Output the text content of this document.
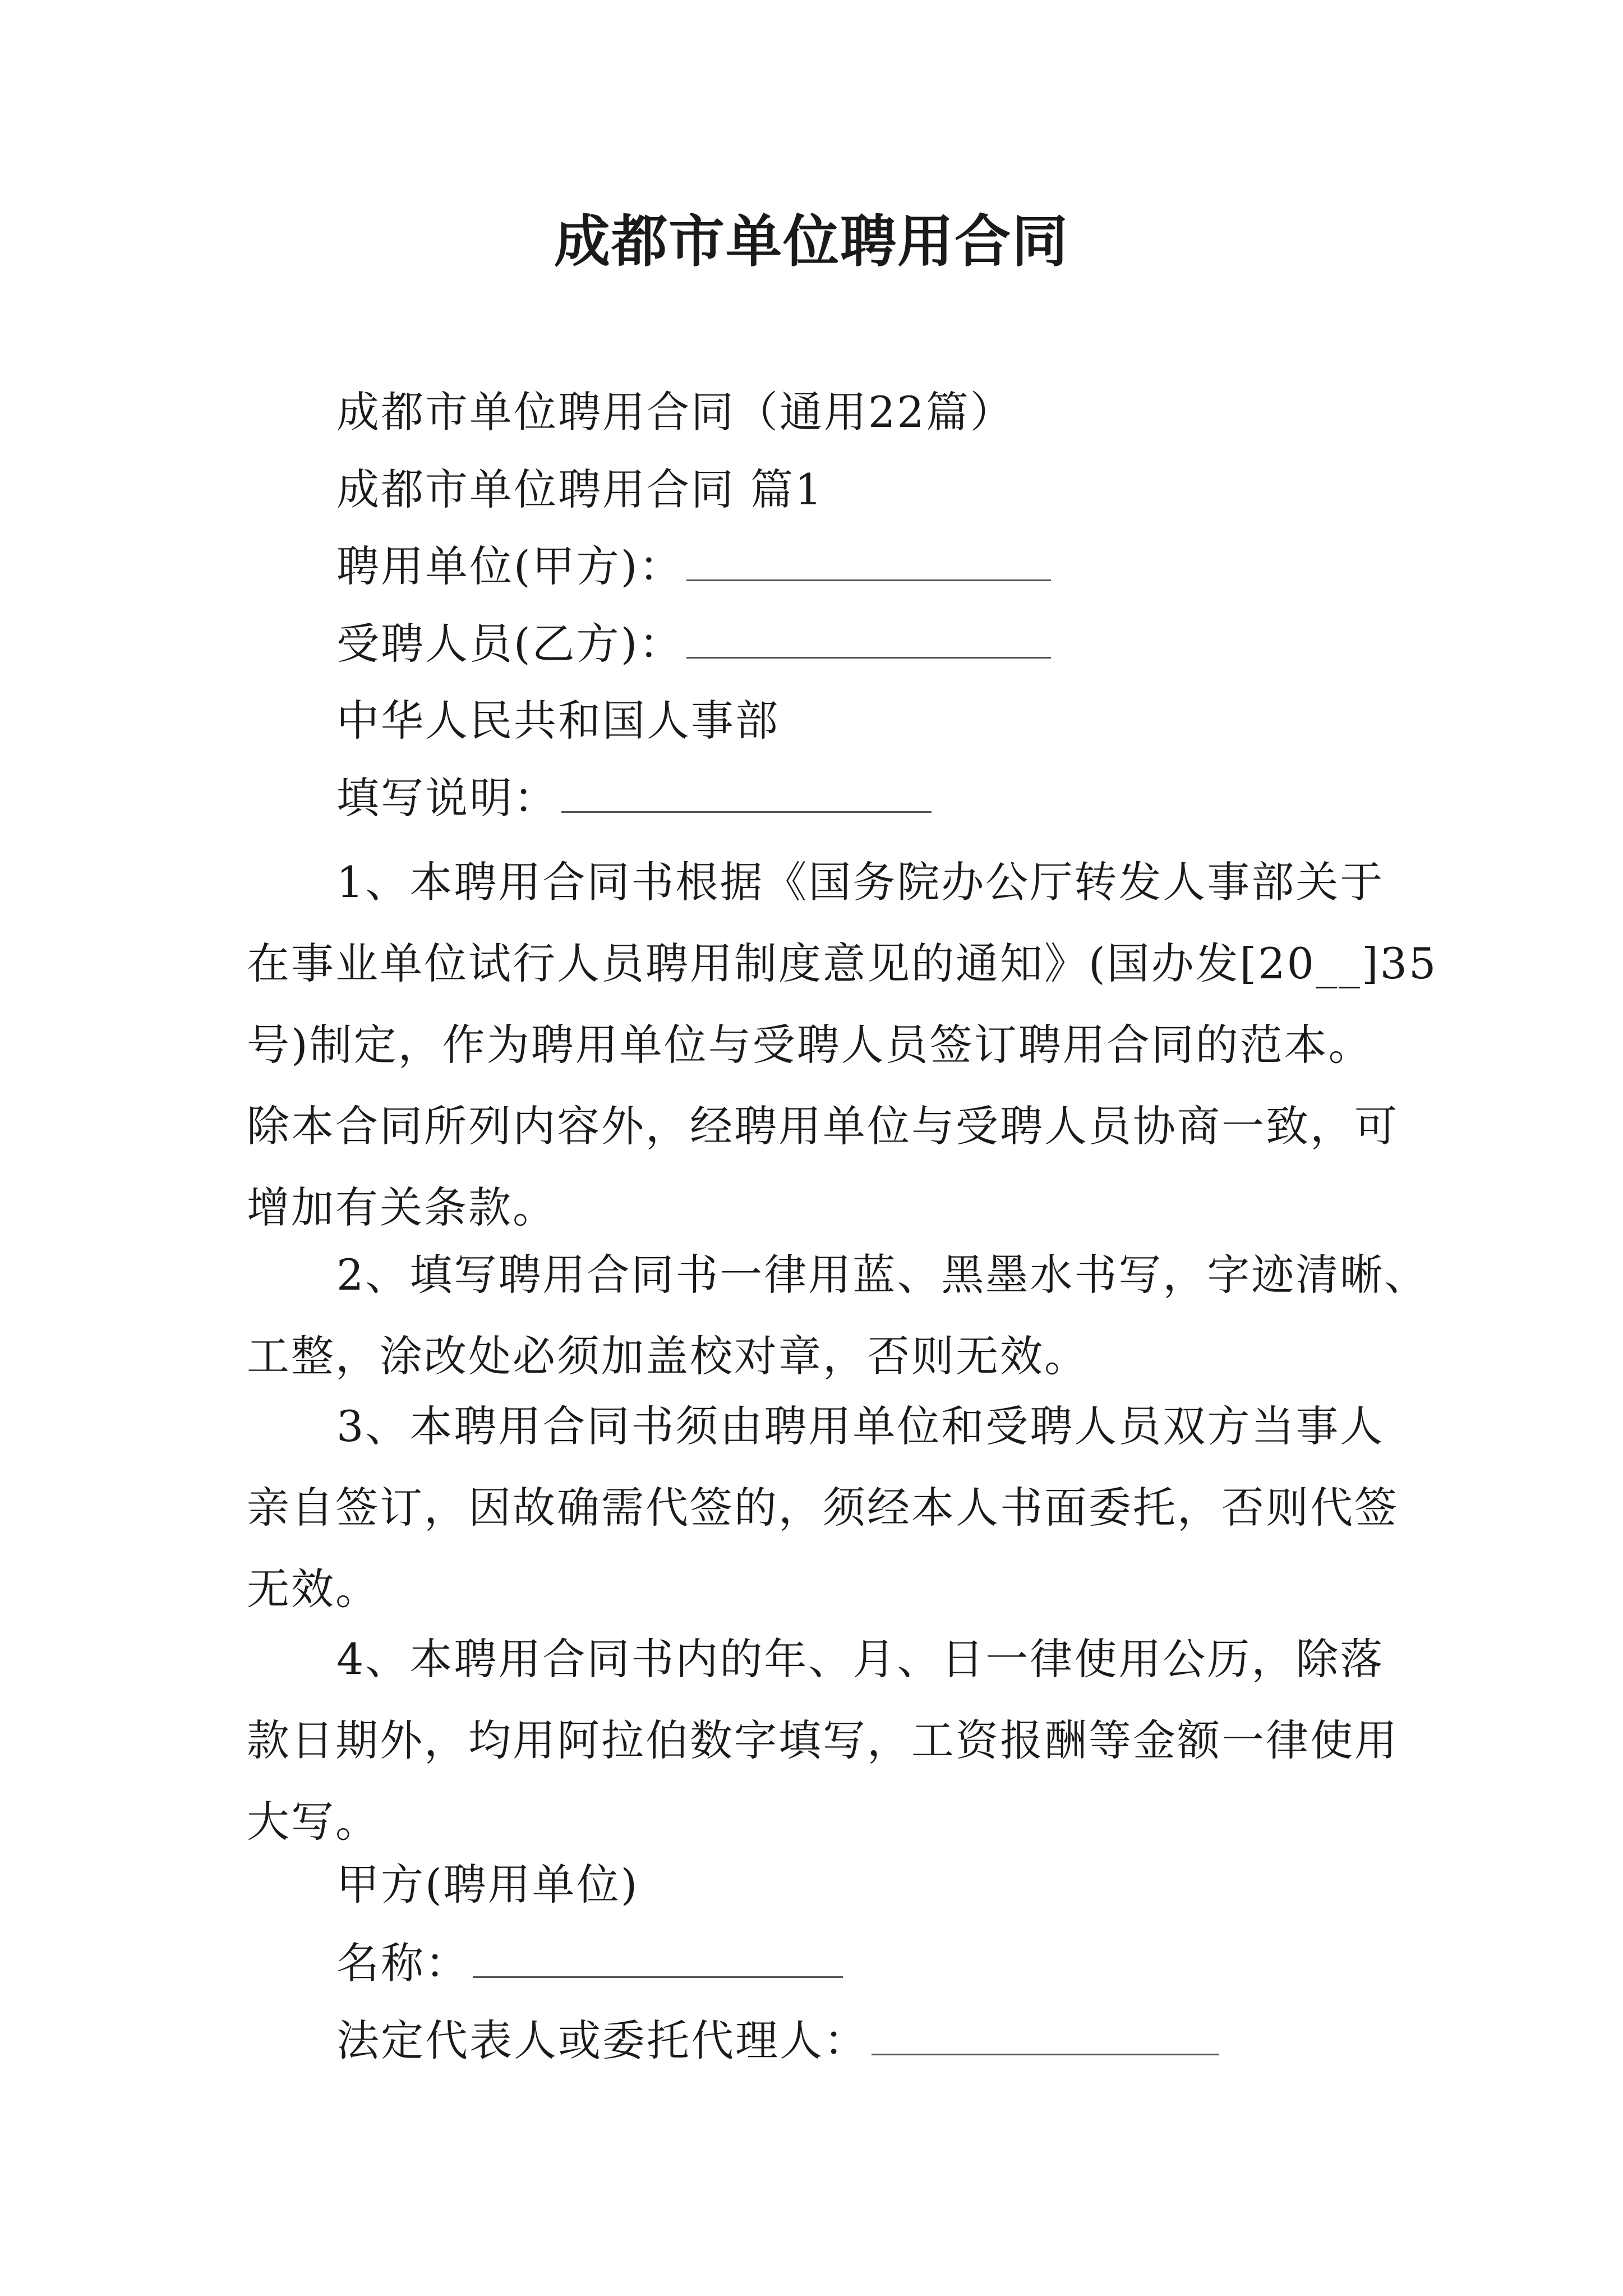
成都市单位聘用合同
成都市单位聘用合同（通用22篇）
成都市单位聘用合同 篇1
聘用单位(甲方)：
受聘人员(乙方)：
中华人民共和国人事部
填写说明：
1、本聘用合同书根据《国务院办公厅转发人事部关于
在事业单位试行人员聘用制度意见的通知》(国办发[20__]35
号)制定，作为聘用单位与受聘人员签订聘用合同的范本。
除本合同所列内容外，经聘用单位与受聘人员协商一致，可
增加有关条款。
2、填写聘用合同书一律用蓝、黑墨水书写，字迹清晰、
工整，涂改处必须加盖校对章，否则无效。
3、本聘用合同书须由聘用单位和受聘人员双方当事人
亲自签订，因故确需代签的，须经本人书面委托，否则代签
无效。
4、本聘用合同书内的年、月、日一律使用公历，除落
款日期外，均用阿拉伯数字填写，工资报酬等金额一律使用
大写。
甲方(聘用单位)
名称：
法定代表人或委托代理人：
